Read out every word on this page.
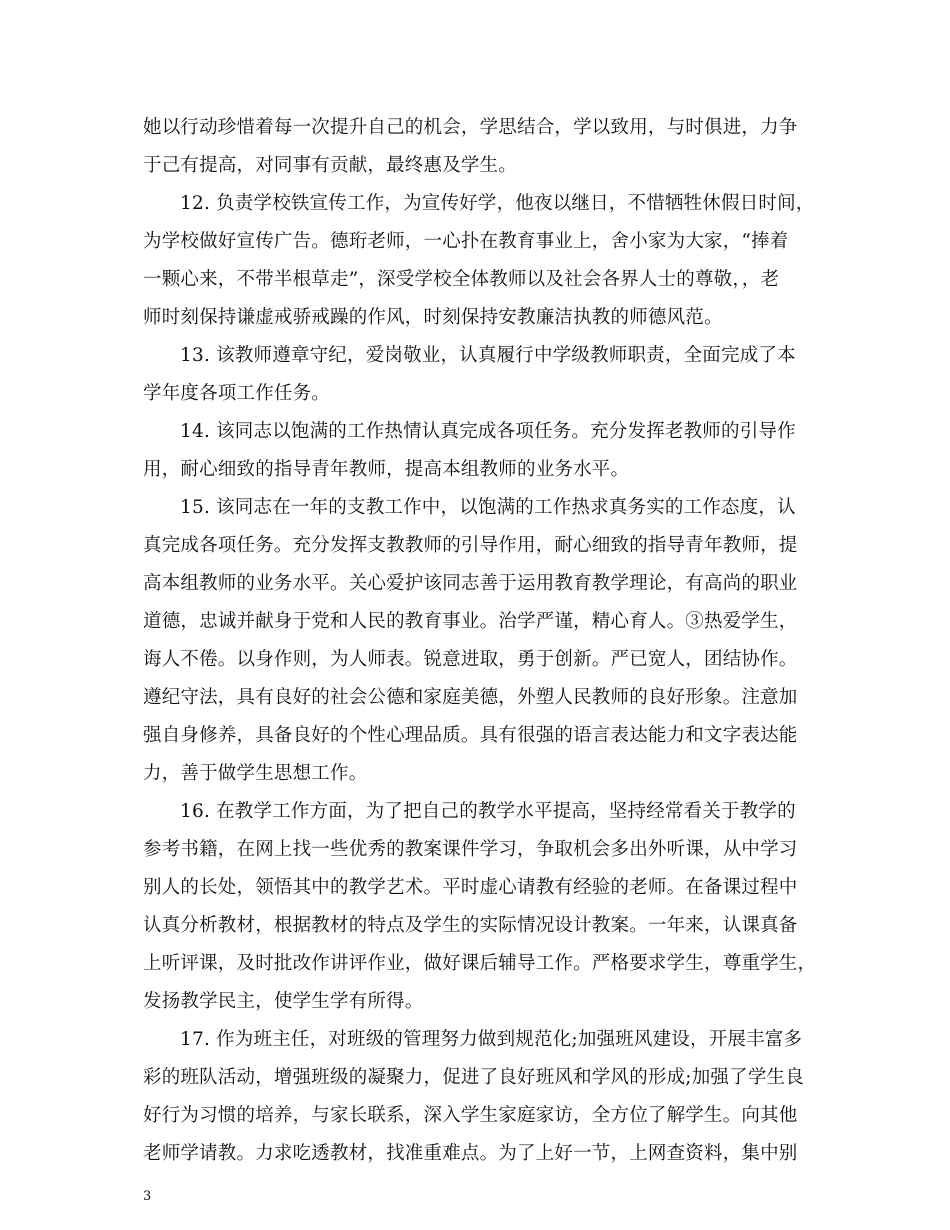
她以行动珍惜着每一次提升自己的机会，学思结合，学以致用，与时俱进，力争
于己有提高，对同事有贡献，最终惠及学生。
12. 负责学校铁宣传工作，为宣传好学，他夜以继日，不惜牺牲休假日时间，
为学校做好宣传广告。德珩老师，一心扑在教育事业上，舍小家为大家，“捧着
一颗心来，不带半根草走”，深受学校全体教师以及社会各界人士的尊敬，，老
师时刻保持谦虚戒骄戒躁的作风，时刻保持安教廉洁执教的师德风范。
13. 该教师遵章守纪，爱岗敬业，认真履行中学级教师职责，全面完成了本
学年度各项工作任务。
14. 该同志以饱满的工作热情认真完成各项任务。充分发挥老教师的引导作
用，耐心细致的指导青年教师，提高本组教师的业务水平。
15. 该同志在一年的支教工作中，以饱满的工作热求真务实的工作态度，认
真完成各项任务。充分发挥支教教师的引导作用，耐心细致的指导青年教师，提
高本组教师的业务水平。关心爱护该同志善于运用教育教学理论，有高尚的职业
道德，忠诚并献身于党和人民的教育事业。治学严谨，精心育人。③热爱学生，
诲人不倦。以身作则，为人师表。锐意进取，勇于创新。严已宽人，团结协作。
遵纪守法，具有良好的社会公德和家庭美德，外塑人民教师的良好形象。注意加
强自身修养，具备良好的个性心理品质。具有很强的语言表达能力和文字表达能
力，善于做学生思想工作。
16. 在教学工作方面，为了把自己的教学水平提高，坚持经常看关于教学的
参考书籍，在网上找一些优秀的教案课件学习，争取机会多出外听课，从中学习
别人的长处，领悟其中的教学艺术。平时虚心请教有经验的老师。在备课过程中
认真分析教材，根据教材的特点及学生的实际情况设计教案。一年来，认课真备
上听评课，及时批改作讲评作业，做好课后辅导工作。严格要求学生，尊重学生，
发扬教学民主，使学生学有所得。
17. 作为班主任，对班级的管理努力做到规范化;加强班风建设，开展丰富多
彩的班队活动，增强班级的凝聚力，促进了良好班风和学风的形成;加强了学生良
好行为习惯的培养，与家长联系，深入学生家庭家访，全方位了解学生。向其他
老师学请教。力求吃透教材，找准重难点。为了上好一节，上网查资料，集中别
3
